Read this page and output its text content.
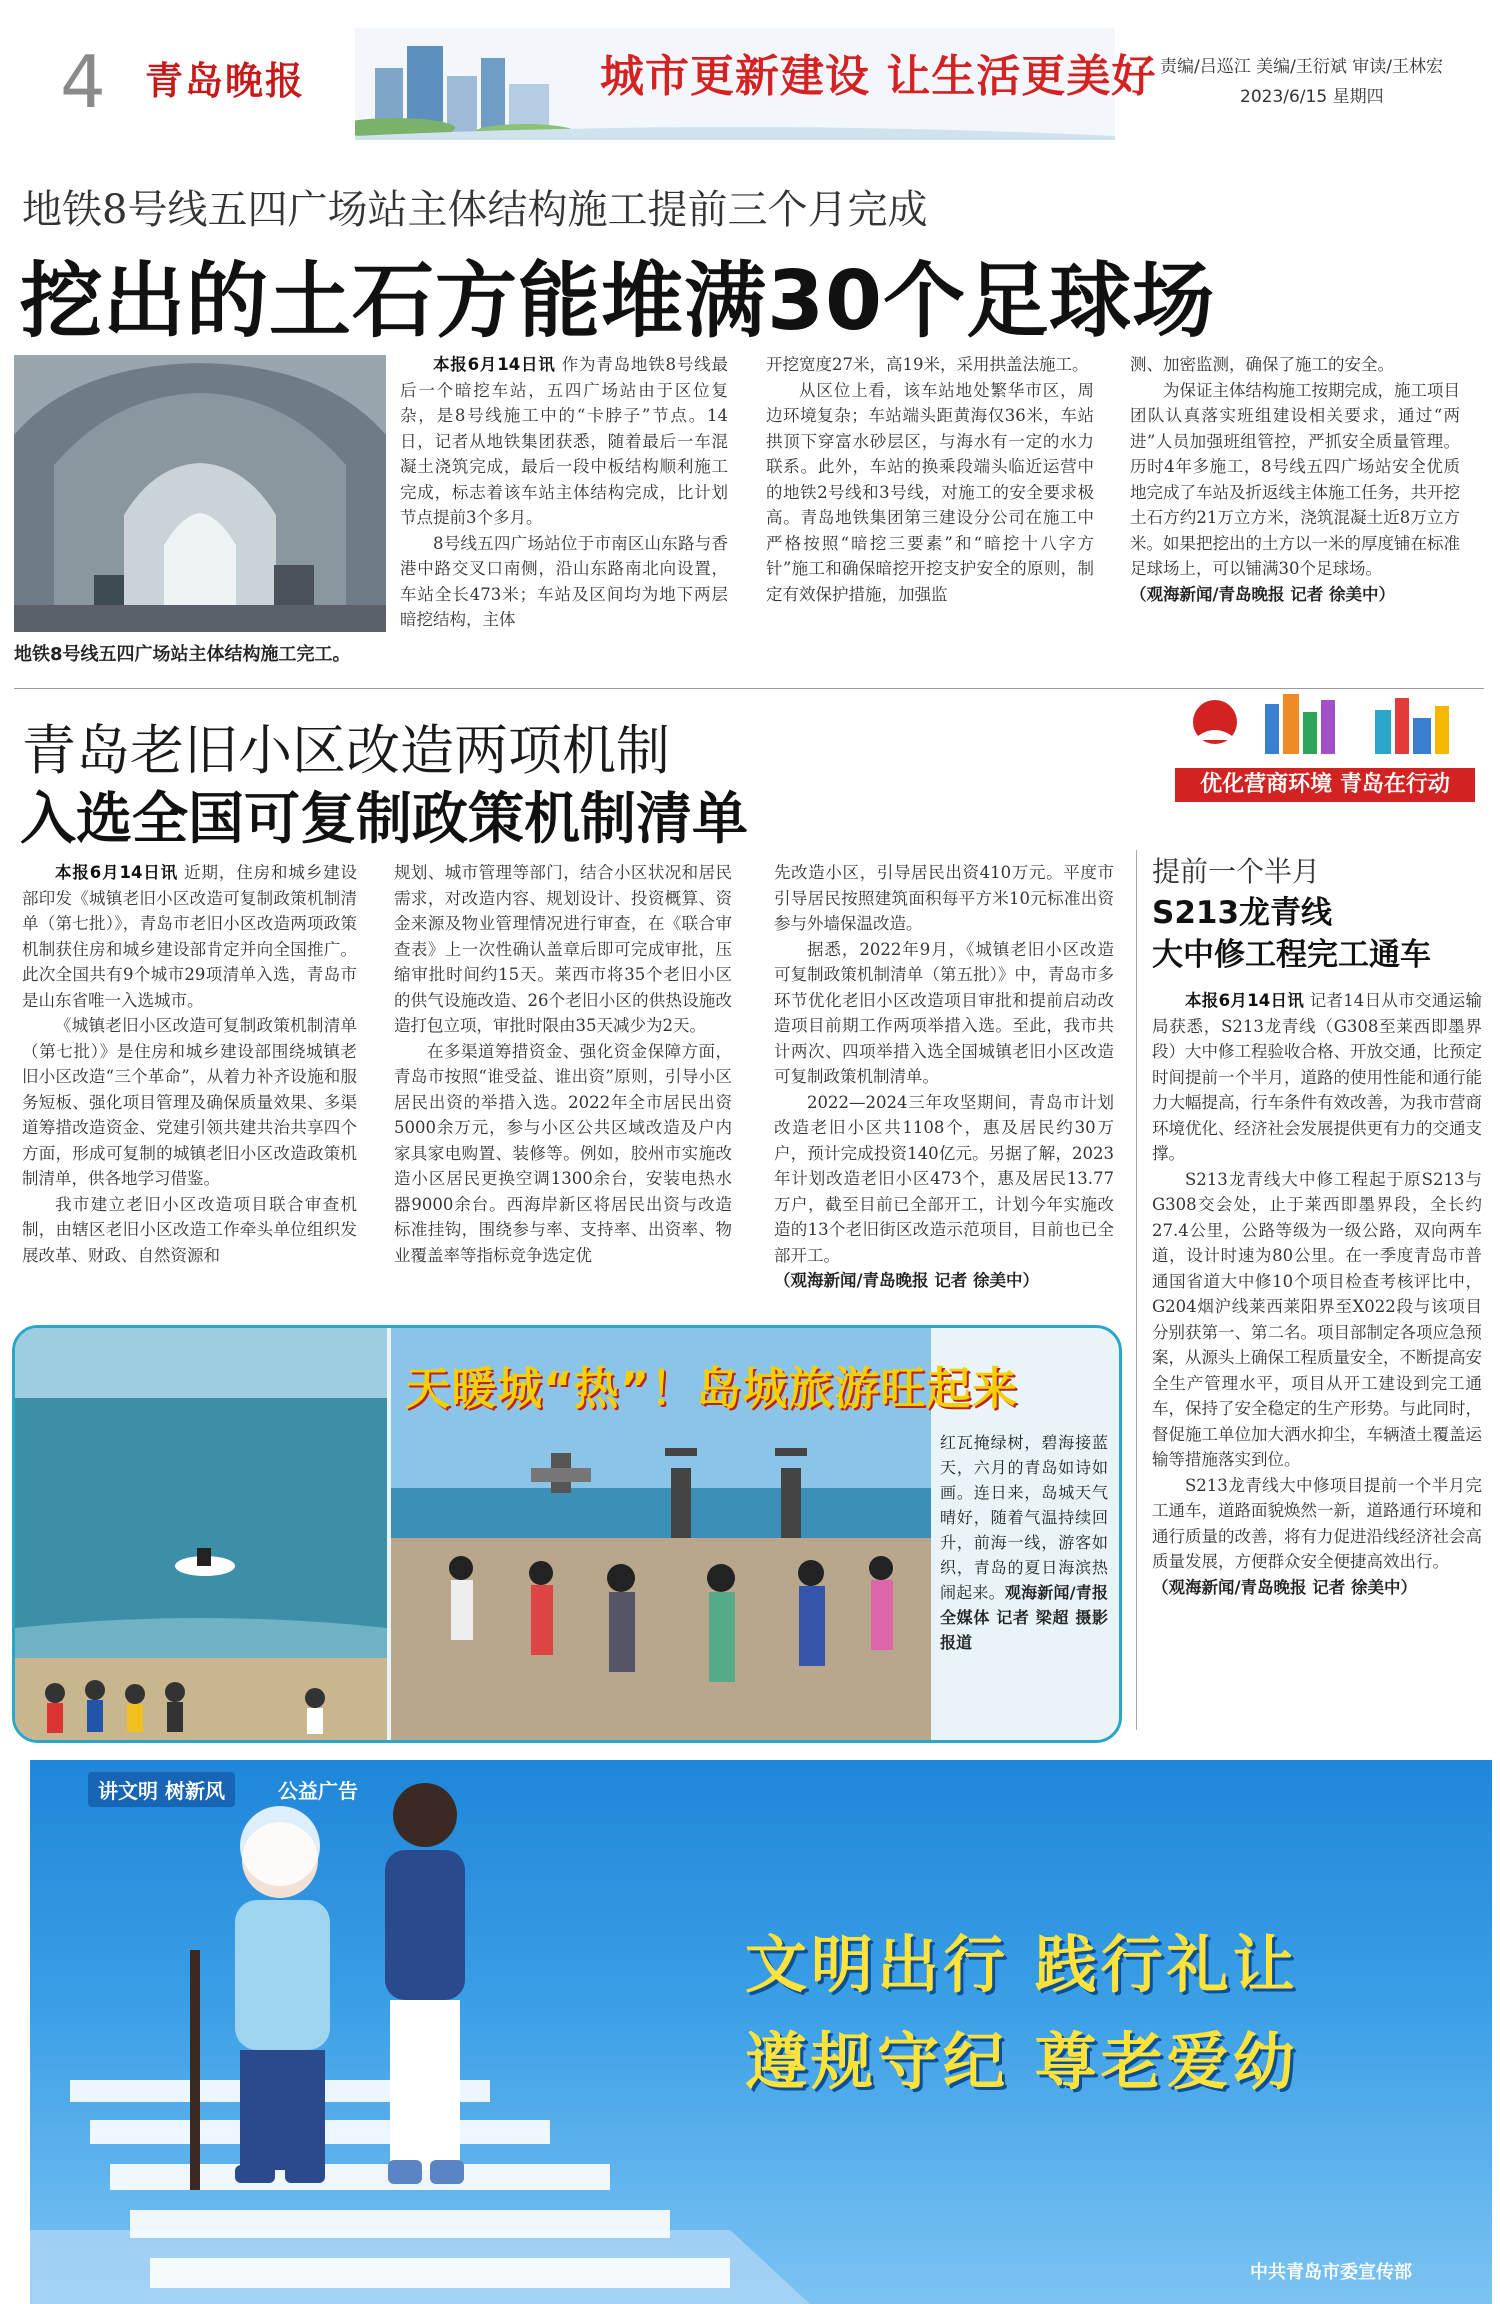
4 青岛晚报	城市更新建设 让生活更美好 责编/吕巡江 美编/王衍斌 审读/王林宏
2023/6/15 星期四
地铁8号线五四广场站主体结构施工提前三个月完成
挖出的土石方能堆满30个足球场
地铁8号线五四广场站主体结构施工完工。

本报6月14日讯 作为青岛地铁8号线最后一个暗挖车站，五四广场站由于区位复杂，是8号线施工中的“卡脖子”节点。14日，记者从地铁集团获悉，随着最后一车混凝土浇筑完成，最后一段中板结构顺利施工完成，标志着该车站主体结构完成，比计划节点提前3个多月。

8号线五四广场站位于市南区山东路与香港中路交叉口南侧，沿山东路南北向设置，车站全长473米；车站及区间均为地下两层暗挖结构，主体

开挖宽度27米，高19米，采用拱盖法施工。

从区位上看，该车站地处繁华市区，周边环境复杂；车站端头距黄海仅36米，车站拱顶下穿富水砂层区，与海水有一定的水力联系。此外，车站的换乘段端头临近运营中的地铁2号线和3号线，对施工的安全要求极高。青岛地铁集团第三建设分公司在施工中严格按照“暗挖三要素”和“暗挖十八字方针”施工和确保暗挖开挖支护安全的原则，制定有效保护措施，加强监

测、加密监测，确保了施工的安全。

为保证主体结构施工按期完成，施工项目团队认真落实班组建设相关要求，通过“两进”人员加强班组管控，严抓安全质量管理。历时4年多施工，8号线五四广场站安全优质地完成了车站及折返线主体施工任务，共开挖土石方约21万立方米，浇筑混凝土近8万立方米。如果把挖出的土方以一米的厚度铺在标准足球场上，可以铺满30个足球场。

（观海新闻/青岛晚报 记者 徐美中）

青岛老旧小区改造两项机制
入选全国可复制政策机制清单
优化营商环境 青岛在行动

本报6月14日讯 近期，住房和城乡建设部印发《城镇老旧小区改造可复制政策机制清单（第七批）》，青岛市老旧小区改造两项政策机制获住房和城乡建设部肯定并向全国推广。此次全国共有9个城市29项清单入选，青岛市是山东省唯一入选城市。

《城镇老旧小区改造可复制政策机制清单（第七批）》是住房和城乡建设部围绕城镇老旧小区改造“三个革命”，从着力补齐设施和服务短板、强化项目管理及确保质量效果、多渠道筹措改造资金、党建引领共建共治共享四个方面，形成可复制的城镇老旧小区改造政策机制清单，供各地学习借鉴。

我市建立老旧小区改造项目联合审查机制，由辖区老旧小区改造工作牵头单位组织发展改革、财政、自然资源和

规划、城市管理等部门，结合小区状况和居民需求，对改造内容、规划设计、投资概算、资金来源及物业管理情况进行审查，在《联合审查表》上一次性确认盖章后即可完成审批，压缩审批时间约15天。莱西市将35个老旧小区的供气设施改造、26个老旧小区的供热设施改造打包立项，审批时限由35天减少为2天。

在多渠道筹措资金、强化资金保障方面，青岛市按照“谁受益、谁出资”原则，引导小区居民出资的举措入选。2022年全市居民出资5000余万元，参与小区公共区域改造及户内家具家电购置、装修等。例如，胶州市实施改造小区居民更换空调1300余台，安装电热水器9000余台。西海岸新区将居民出资与改造标准挂钩，围绕参与率、支持率、出资率、物业覆盖率等指标竞争选定优

先改造小区，引导居民出资410万元。平度市引导居民按照建筑面积每平方米10元标准出资参与外墙保温改造。

据悉，2022年9月，《城镇老旧小区改造可复制政策机制清单（第五批）》中，青岛市多环节优化老旧小区改造项目审批和提前启动改造项目前期工作两项举措入选。至此，我市共计两次、四项举措入选全国城镇老旧小区改造可复制政策机制清单。

2022—2024三年攻坚期间，青岛市计划改造老旧小区共1108个，惠及居民约30万户，预计完成投资140亿元。另据了解，2023年计划改造老旧小区473个，惠及居民13.77万户，截至目前已全部开工，计划今年实施改造的13个老旧街区改造示范项目，目前也已全部开工。

（观海新闻/青岛晚报 记者 徐美中）

提前一个半月
S213龙青线
大中修工程完工通车

本报6月14日讯 记者14日从市交通运输局获悉，S213龙青线（G308至莱西即墨界段）大中修工程验收合格、开放交通，比预定时间提前一个半月，道路的使用性能和通行能力大幅提高，行车条件有效改善，为我市营商环境优化、经济社会发展提供更有力的交通支撑。

S213龙青线大中修工程起于原S213与G308交会处，止于莱西即墨界段，全长约27.4公里，公路等级为一级公路，双向两车道，设计时速为80公里。在一季度青岛市普通国省道大中修10个项目检查考核评比中，G204烟沪线莱西莱阳界至X022段与该项目分别获第一、第二名。项目部制定各项应急预案，从源头上确保工程质量安全，不断提高安全生产管理水平，项目从开工建设到完工通车，保持了安全稳定的生产形势。与此同时，督促施工单位加大洒水抑尘，车辆渣土覆盖运输等措施落实到位。

S213龙青线大中修项目提前一个半月完工通车，道路面貌焕然一新，道路通行环境和通行质量的改善，将有力促进沿线经济社会高质量发展，方便群众安全便捷高效出行。

（观海新闻/青岛晚报 记者 徐美中）

天暖城“热”！岛城旅游旺起来
红瓦掩绿树，碧海接蓝天，六月的青岛如诗如画。连日来，岛城天气晴好，随着气温持续回升，前海一线，游客如织，青岛的夏日海滨热闹起来。观海新闻/青报全媒体 记者 梁超 摄影报道
讲文明 树新风	公益广告
文明出行 践行礼让
遵规守纪 尊老爱幼
中共青岛市委宣传部
